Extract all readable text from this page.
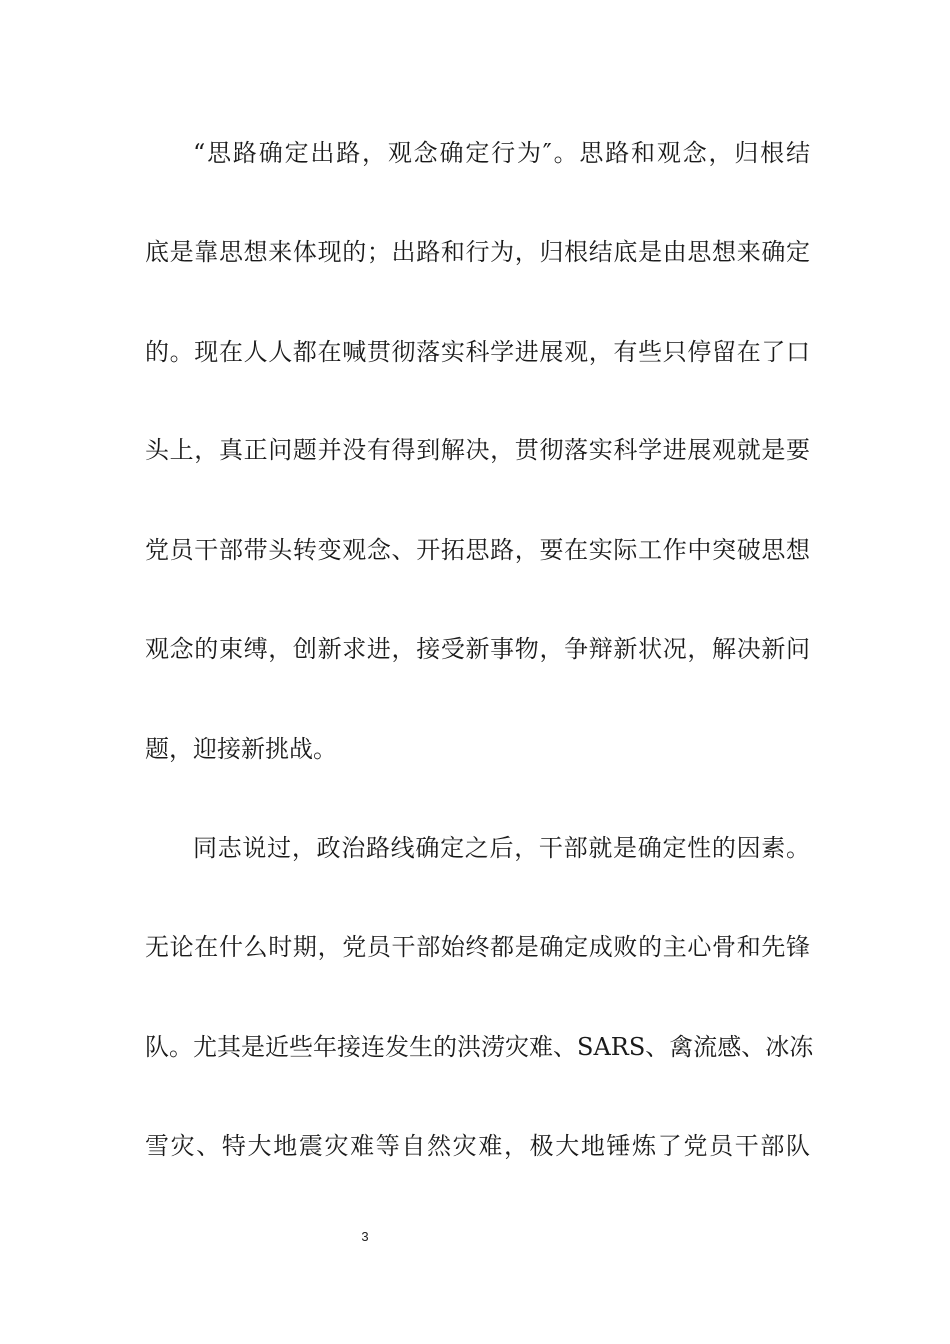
“思路确定出路，观念确定行为″。思路和观念，归根结
底是靠思想来体现的；出路和行为，归根结底是由思想来确定
的。现在人人都在喊贯彻落实科学进展观，有些只停留在了口
头上，真正问题并没有得到解决，贯彻落实科学进展观就是要
党员干部带头转变观念、开拓思路，要在实际工作中突破思想
观念的束缚，创新求进，接受新事物，争辩新状况，解决新问
题，迎接新挑战。
同志说过，政治路线确定之后，干部就是确定性的因素。
无论在什么时期，党员干部始终都是确定成败的主心骨和先锋
队。尤其是近些年接连发生的洪涝灾难、SARS、禽流感、冰冻
雪灾、特大地震灾难等自然灾难，极大地锤炼了党员干部队
3
